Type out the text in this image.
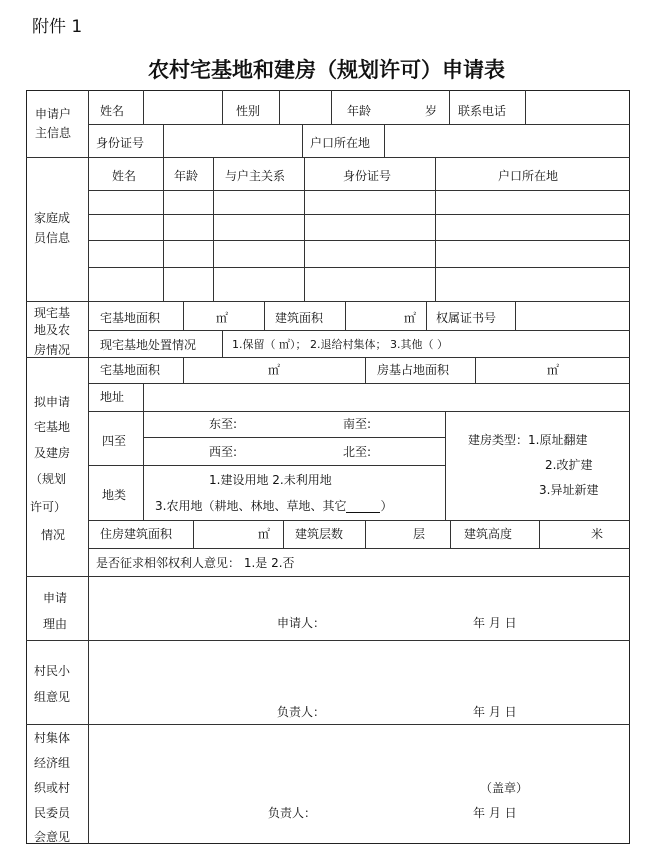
附件 1
农村宅基地和建房（规划许可）申请表
申请户
主信息
姓名	性别	年龄	岁 联系电话
身份证号	户口所在地
家庭成
员信息
姓名	年龄 与户主关系	身份证号	户口所在地
现宅基
地及农
房情况
宅基地面积	㎡	建筑面积	㎡ 权属证书号
现宅基地处置情况	1.保留（ ㎡）； 2.退给村集体； 3.其他（ ）
拟申请
宅基地
及建房
（规划
许可）
情况
宅基地面积	㎡	房基占地面积	㎡
地址
四至
东至:	南至:
西至:	北至:
建房类型：1.原址翻建
2.改扩建
3.异址新建
地类
1.建设用地 2.未利用地
3.农用地（耕地、林地、草地、其它	）
住房建筑面积	㎡ 建筑层数	层	建筑高度	米
是否征求相邻权利人意见： 1.是 2.否
申请
理由	申请人：	年 月 日
村民小
组意见
负责人：	年 月 日
村集体
经济组
织或村
民委员
会意见
（盖章）
负责人：	年 月 日
